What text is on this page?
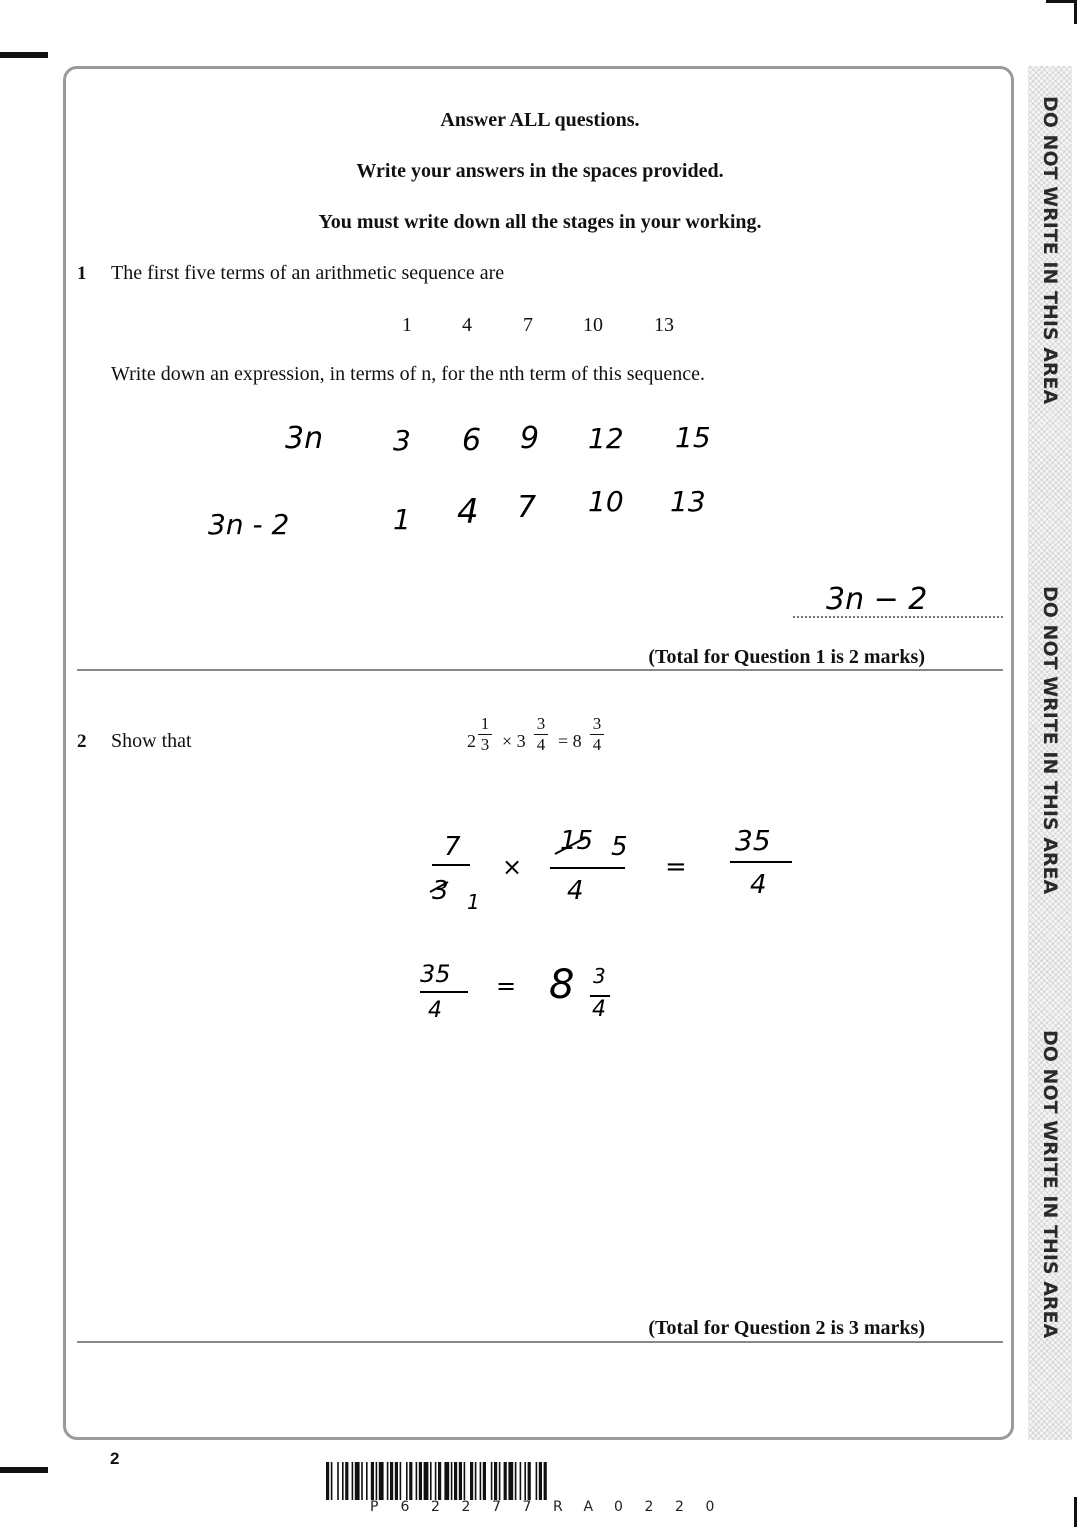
DO NOT WRITE IN THIS AREA
DO NOT WRITE IN THIS AREA
DO NOT WRITE IN THIS AREA
Answer ALL questions.
Write your answers in the spaces provided.
You must write down all the stages in your working.
1 The first five terms of an arithmetic sequence are
1	4	7	10	13
Write down an expression, in terms of n, for the nth term of this sequence.
3n 3 6 9 12 15
3n - 2	1 4 7 10 13
3n − 2
(Total for Question 1 is 2 marks)
2 Show that	2
1
3 × 3
3
4 = 8
3
4
7
3 1
×
15 5
4
=
35
4
35
4
= 8 3
4
(Total for Question 2 is 3 marks)
2
P 6 2 2 7 7 R A 0 2 2 0
